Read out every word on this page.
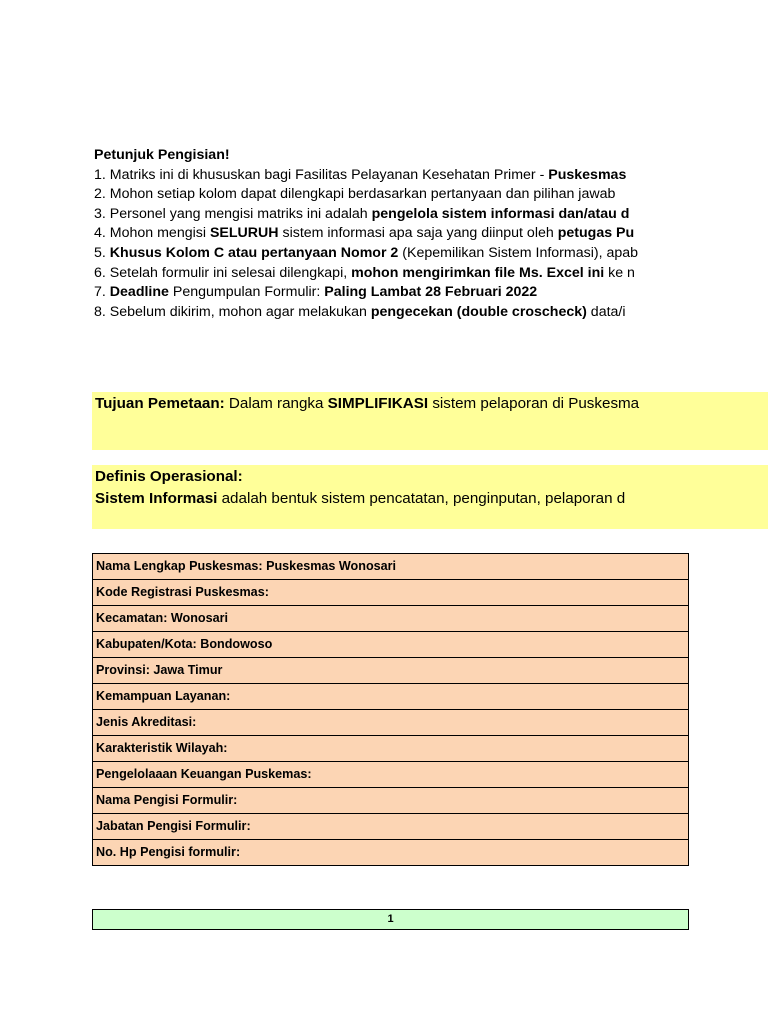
Petunjuk Pengisian!
1. Matriks ini di khususkan bagi Fasilitas Pelayanan Kesehatan Primer - Puskesmas
2. Mohon setiap kolom dapat dilengkapi berdasarkan pertanyaan dan pilihan jawab
3. Personel yang mengisi matriks ini adalah pengelola sistem informasi dan/atau d
4. Mohon mengisi SELURUH sistem informasi apa saja yang diinput oleh petugas Pu
5. Khusus Kolom C atau pertanyaan Nomor 2 (Kepemilikan Sistem Informasi), apab
6. Setelah formulir ini selesai dilengkapi, mohon mengirimkan file Ms. Excel ini ke n
7. Deadline Pengumpulan Formulir: Paling Lambat 28 Februari 2022
8. Sebelum dikirim, mohon agar melakukan pengecekan (double croscheck) data/i
Tujuan Pemetaan: Dalam rangka SIMPLIFIKASI sistem pelaporan di Puskesma
Definis Operasional:
Sistem Informasi adalah bentuk sistem pencatatan, penginputan, pelaporan d
Nama Lengkap Puskesmas: Puskesmas Wonosari
Kode Registrasi Puskesmas:
Kecamatan: Wonosari
Kabupaten/Kota: Bondowoso
Provinsi: Jawa Timur
Kemampuan Layanan:
Jenis Akreditasi:
Karakteristik Wilayah:
Pengelolaaan Keuangan Puskemas:
Nama Pengisi Formulir:
Jabatan Pengisi Formulir:
No. Hp Pengisi formulir:
1
